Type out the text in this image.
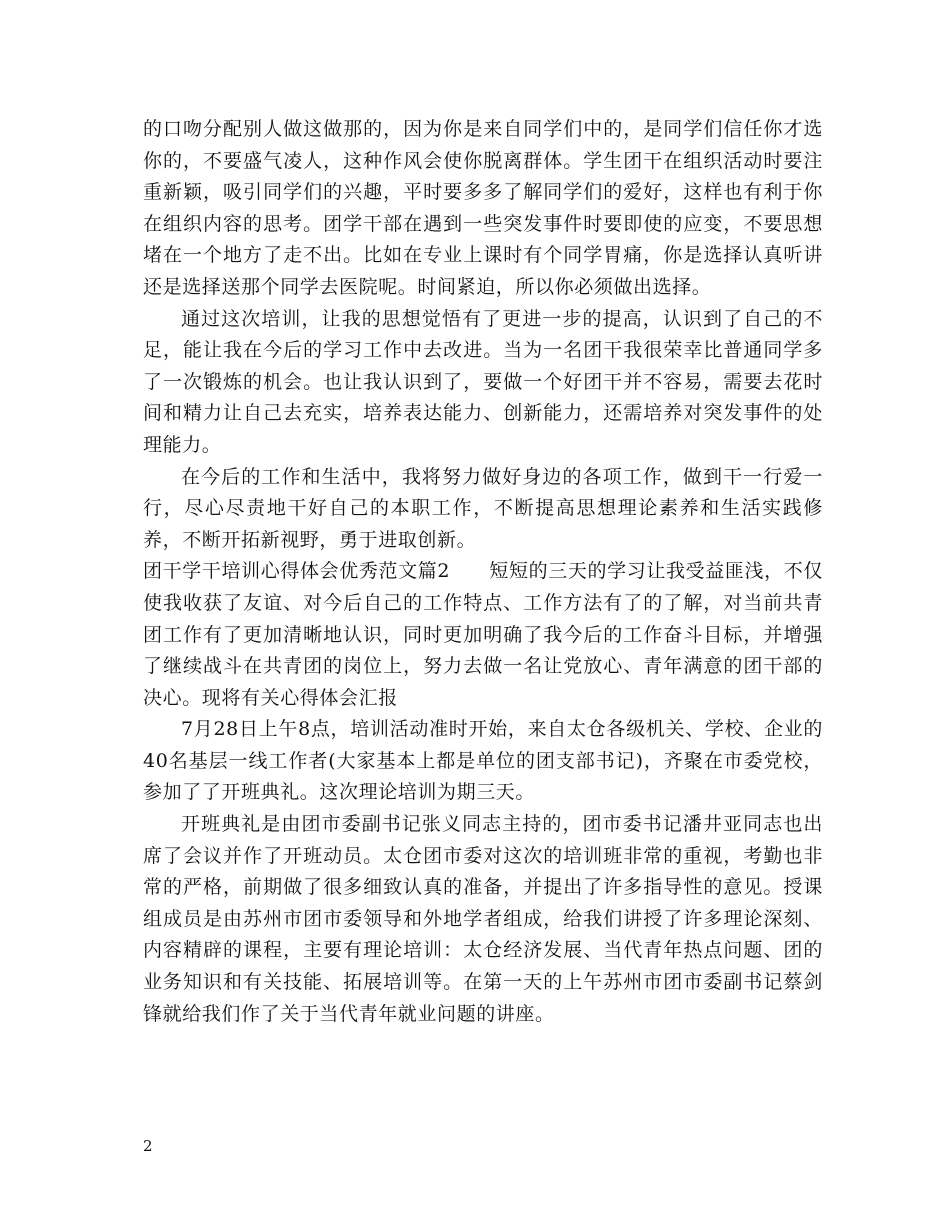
的口吻分配别人做这做那的，因为你是来自同学们中的，是同学们信任你才选你的，不要盛气凌人，这种作风会使你脱离群体。学生团干在组织活动时要注重新颖，吸引同学们的兴趣，平时要多多了解同学们的爱好，这样也有利于你在组织内容的思考。团学干部在遇到一些突发事件时要即使的应变，不要思想堵在一个地方了走不出。比如在专业上课时有个同学胃痛，你是选择认真听讲还是选择送那个同学去医院呢。时间紧迫，所以你必须做出选择。

通过这次培训，让我的思想觉悟有了更进一步的提高，认识到了自己的不足，能让我在今后的学习工作中去改进。当为一名团干我很荣幸比普通同学多了一次锻炼的机会。也让我认识到了，要做一个好团干并不容易，需要去花时间和精力让自己去充实，培养表达能力、创新能力，还需培养对突发事件的处理能力。

在今后的工作和生活中，我将努力做好身边的各项工作，做到干一行爱一行，尽心尽责地干好自己的本职工作，不断提高思想理论素养和生活实践修养，不断开拓新视野，勇于进取创新。

团干学干培训心得体会优秀范文篇2　　短短的三天的学习让我受益匪浅，不仅使我收获了友谊、对今后自己的工作特点、工作方法有了的了解，对当前共青团工作有了更加清晰地认识，同时更加明确了我今后的工作奋斗目标，并增强了继续战斗在共青团的岗位上，努力去做一名让党放心、青年满意的团干部的决心。现将有关心得体会汇报

7月28日上午8点，培训活动准时开始，来自太仓各级机关、学校、企业的40名基层一线工作者(大家基本上都是单位的团支部书记)，齐聚在市委党校，参加了了开班典礼。这次理论培训为期三天。

开班典礼是由团市委副书记张义同志主持的，团市委书记潘井亚同志也出席了会议并作了开班动员。太仓团市委对这次的培训班非常的重视，考勤也非常的严格，前期做了很多细致认真的准备，并提出了许多指导性的意见。授课组成员是由苏州市团市委领导和外地学者组成，给我们讲授了许多理论深刻、内容精辟的课程，主要有理论培训：太仓经济发展、当代青年热点问题、团的业务知识和有关技能、拓展培训等。在第一天的上午苏州市团市委副书记蔡剑锋就给我们作了关于当代青年就业问题的讲座。

2
